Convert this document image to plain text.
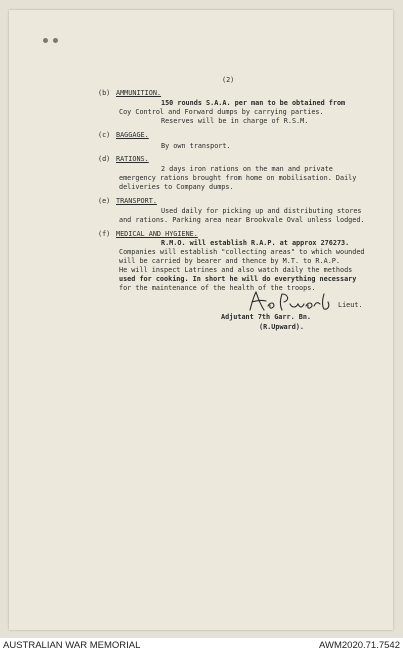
(2)
(b) AMMUNITION.
150 rounds S.A.A. per man to be obtained from
Coy Control and Forward dumps by carrying parties.
Reserves will be in charge of R.S.M.
(c) BAGGAGE.
By own transport.
(d) RATIONS.
2 days iron rations on the man and private
emergency rations brought from home on mobilisation. Daily
deliveries to Company dumps.
(e) TRANSPORT.
Used daily for picking up and distributing stores
and rations. Parking area near Brookvale Oval unless lodged.
(f) MEDICAL AND HYGIENE.
R.M.O. will establish R.A.P. at approx 276273.
Companies will establish "collecting areas" to which wounded
will be carried by bearer and thence by M.T. to R.A.P.
He will inspect Latrines and also watch daily the methods
used for cooking. In short he will do everything necessary
for the maintenance of the health of the troops.
Lieut.
Adjutant 7th Garr. Bn.
(R.Upward).
AUSTRALIAN WAR MEMORIAL	AWM2020.71.7542
